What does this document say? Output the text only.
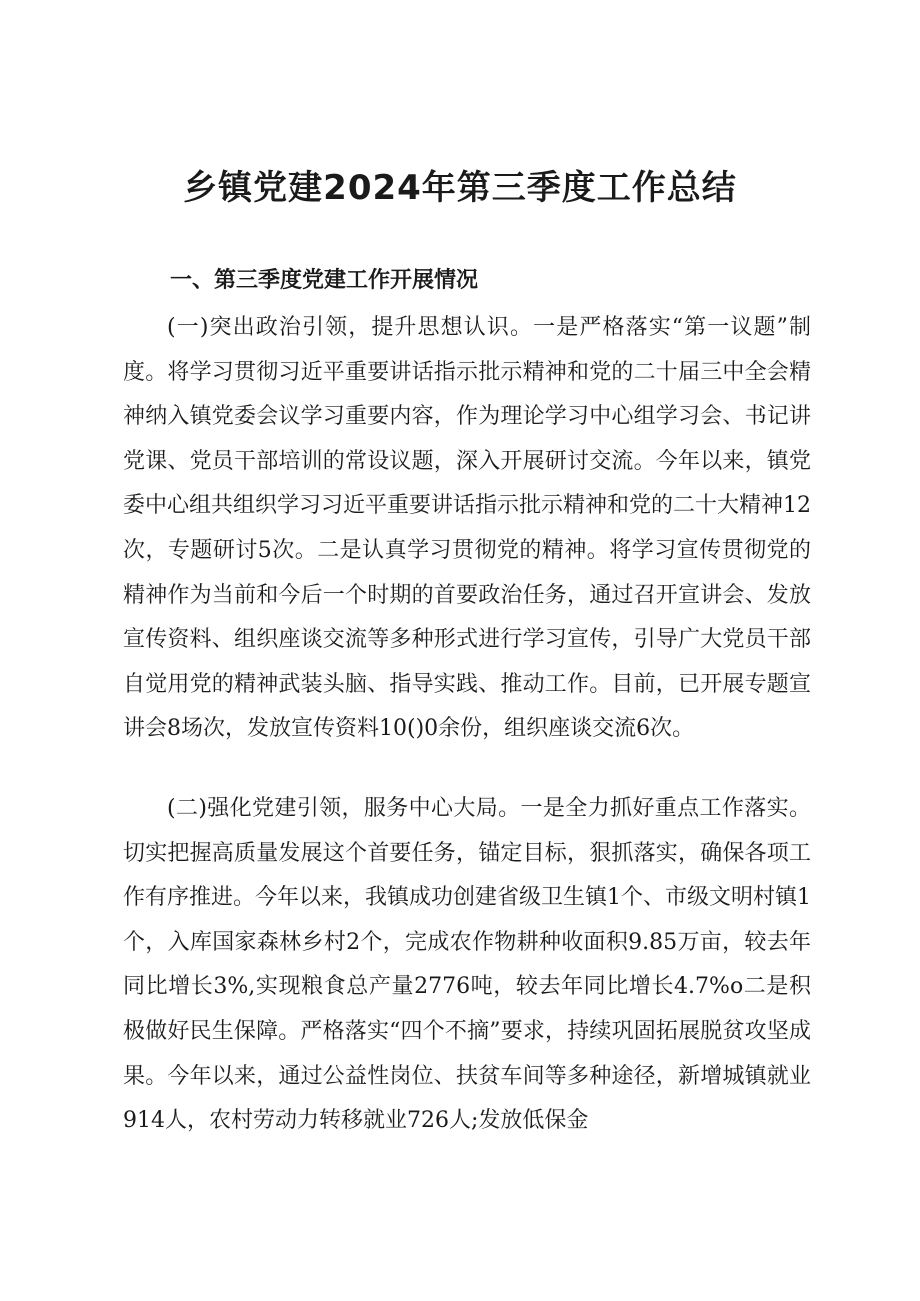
乡镇党建2024年第三季度工作总结
一、第三季度党建工作开展情况

(一)突出政治引领，提升思想认识。一是严格落实“第一议题”制度。将学习贯彻习近平重要讲话指示批示精神和党的二十届三中全会精神纳入镇党委会议学习重要内容，作为理论学习中心组学习会、书记讲党课、党员干部培训的常设议题，深入开展研讨交流。今年以来，镇党委中心组共组织学习习近平重要讲话指示批示精神和党的二十大精神12次，专题研讨5次。二是认真学习贯彻党的精神。将学习宣传贯彻党的精神作为当前和今后一个时期的首要政治任务，通过召开宣讲会、发放宣传资料、组织座谈交流等多种形式进行学习宣传，引导广大党员干部自觉用党的精神武装头脑、指导实践、推动工作。目前，已开展专题宣讲会8场次，发放宣传资料10()0余份，组织座谈交流6次。

(二)强化党建引领，服务中心大局。一是全力抓好重点工作落实。切实把握高质量发展这个首要任务，锚定目标，狠抓落实，确保各项工作有序推进。今年以来，我镇成功创建省级卫生镇1个、市级文明村镇1个，入库国家森林乡村2个，完成农作物耕种收面积9.85万亩，较去年同比增长3%,实现粮食总产量2776吨，较去年同比增长4.7%o二是积极做好民生保障。严格落实“四个不摘”要求，持续巩固拓展脱贫攻坚成果。今年以来，通过公益性岗位、扶贫车间等多种途径，新增城镇就业914人，农村劳动力转移就业726人;发放低保金
